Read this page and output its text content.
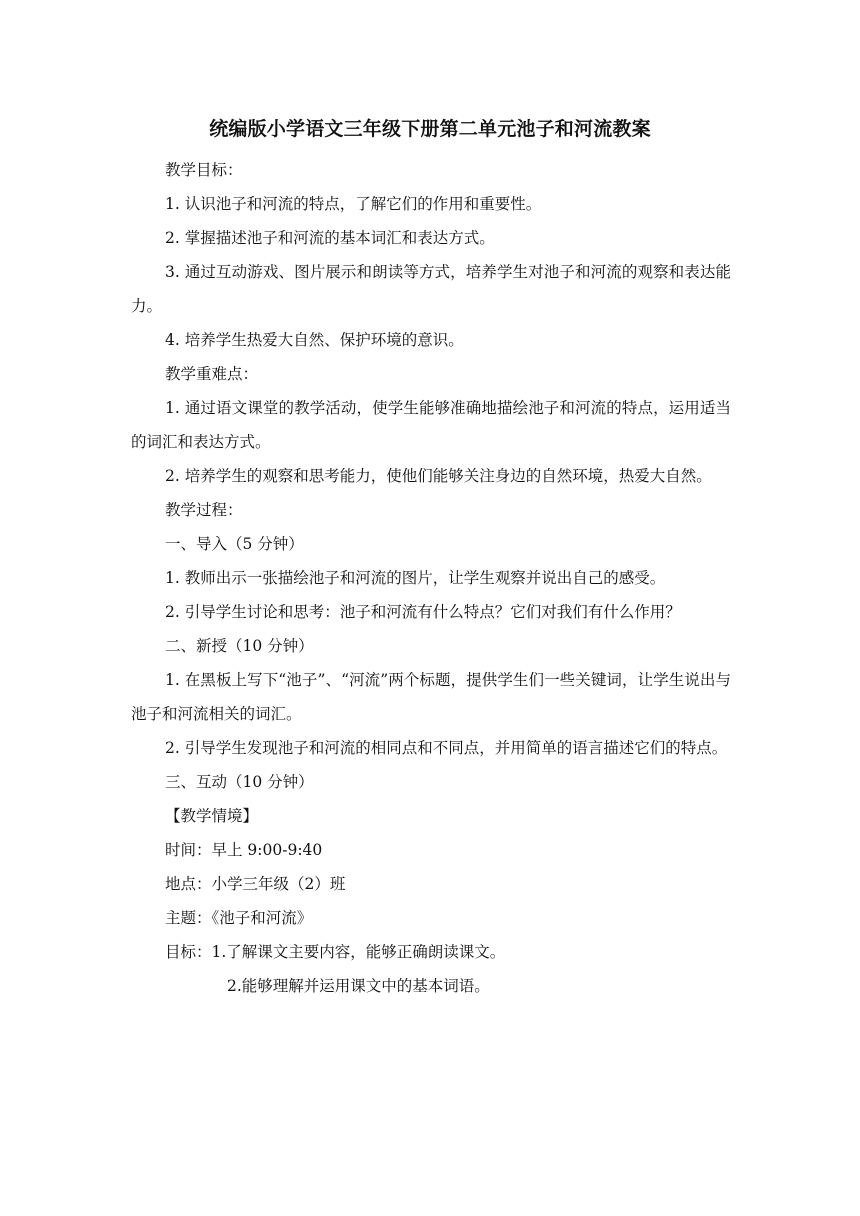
统编版小学语文三年级下册第二单元池子和河流教案

教学目标：

1. 认识池子和河流的特点，了解它们的作用和重要性。

2. 掌握描述池子和河流的基本词汇和表达方式。

3. 通过互动游戏、图片展示和朗读等方式，培养学生对池子和河流的观察和表达能力。

4. 培养学生热爱大自然、保护环境的意识。

教学重难点：

1. 通过语文课堂的教学活动，使学生能够准确地描绘池子和河流的特点，运用适当的词汇和表达方式。

2. 培养学生的观察和思考能力，使他们能够关注身边的自然环境，热爱大自然。

教学过程：

一、导入（5 分钟）

1. 教师出示一张描绘池子和河流的图片，让学生观察并说出自己的感受。

2. 引导学生讨论和思考：池子和河流有什么特点？它们对我们有什么作用？

二、新授（10 分钟）

1. 在黑板上写下“池子”、“河流”两个标题，提供学生们一些关键词，让学生说出与池子和河流相关的词汇。

2. 引导学生发现池子和河流的相同点和不同点，并用简单的语言描述它们的特点。

三、互动（10 分钟）

【教学情境】

时间：早上 9:00-9:40

地点：小学三年级（2）班

主题：《池子和河流》

目标：1.了解课文主要内容，能够正确朗读课文。

2.能够理解并运用课文中的基本词语。
